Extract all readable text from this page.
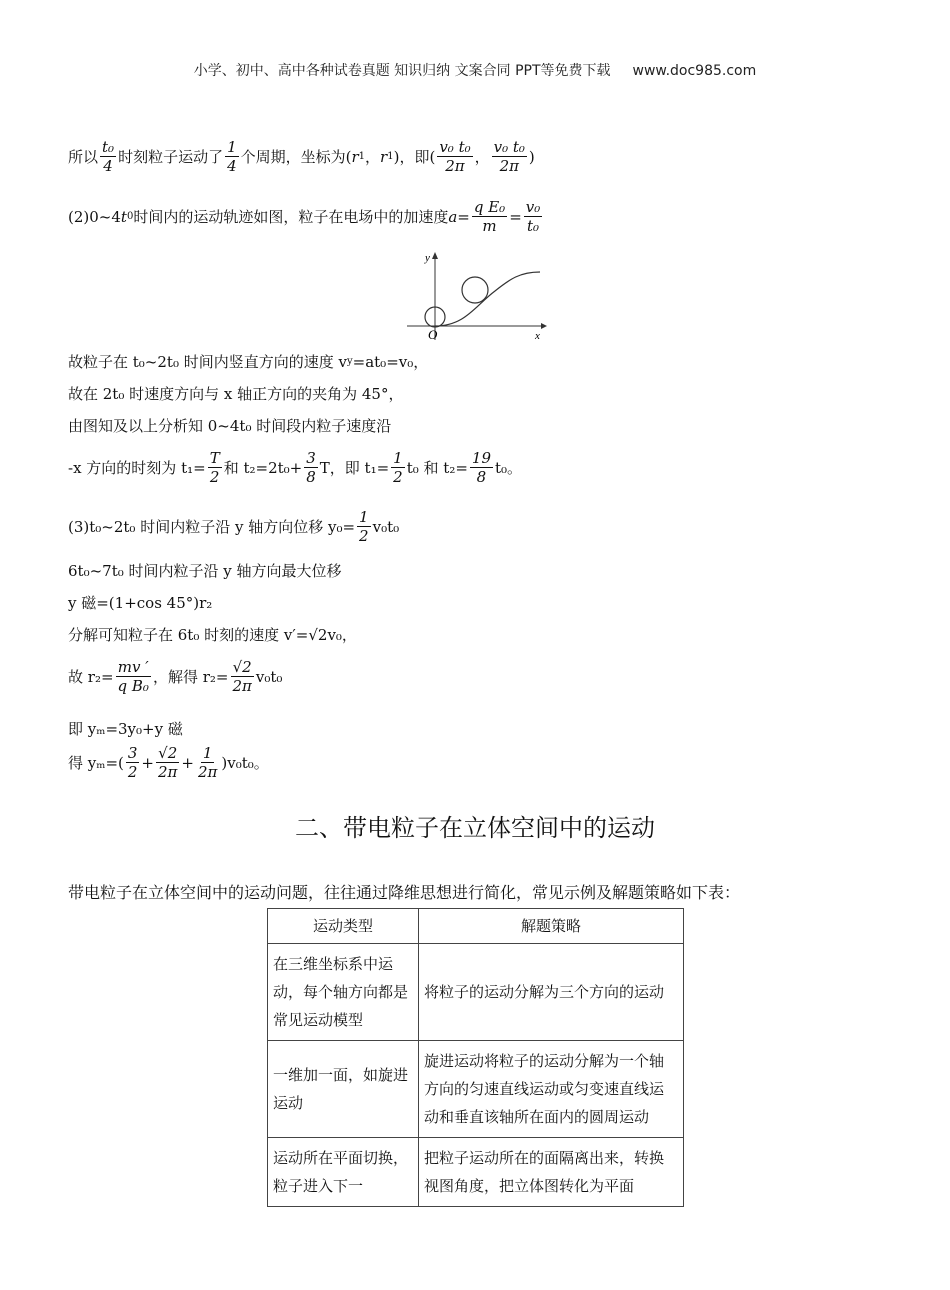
小学、初中、高中各种试卷真题 知识归纳 文案合同 PPT等免费下载 www.doc985.com
所以 $\frac{\text{t₀}}{4}$ 时刻粒子运动了 $\frac{1}{4}$ 个周期，坐标为( r 1 ， r 1 )，即( $\frac{\text{v₀ t₀}}{2\pi}$ ， $\frac{\text{v₀ t₀}}{2\pi}$ )
(2)0~4 t 0 时间内的运动轨迹如图，粒子在电场中的加速度 $a = \frac{\text{q E₀}}{m} = \frac{\text{v₀}}{\text{t₀}}$
y
x
O
故粒子在 t₀~2t₀ 时间内竖直方向的速度 v y =at₀=v₀，
故在 2t₀ 时速度方向与 x 轴正方向的夹角为 45°，
由图知及以上分析知 0~4t₀ 时间段内粒子速度沿
-x 方向的时刻为 $t_1= \frac{T}{2}$ 和 $t_2=2t_0+ \frac{3}{8}$ T，即 $t_1= \frac{1}{2} t_0$ 和 $t_2= \frac{19}{8} t_0$。
(3)t₀~2t₀ 时间内粒子沿 y 轴方向位移 $y_0= \frac{1}{2} v_0t_0$
6t₀~7t₀ 时间内粒子沿 y 轴方向最大位移
y 磁=(1+cos 45°)r₂
分解可知粒子在 6t₀ 时刻的速度 v′=√2v₀，
故 $r_2= \frac{mv '}{\text{q B₀}}$ ，解得 $r_2= \frac{√2}{2\pi} v_0t_0$
即 yₘ=3y₀+y 磁
得 $y_m=( \frac{3}{2} + \frac{√2}{2\pi} + \frac{1}{2\pi} )v_0t_0$。
二、带电粒子在立体空间中的运动
带电粒子在立体空间中的运动问题，往往通过降维思想进行简化，常见示例及解题策略如下表：
运动类型	解题策略
在三维坐标系中运动，每个轴方向都是常见运动模型	将粒子的运动分解为三个方向的运动
一维加一面，如旋进运动	旋进运动将粒子的运动分解为一个轴方向的匀速直线运动或匀变速直线运动和垂直该轴所在面内的圆周运动
运动所在平面切换，粒子进入下一	把粒子运动所在的面隔离出来，转换视图角度，把立体图转化为平面
